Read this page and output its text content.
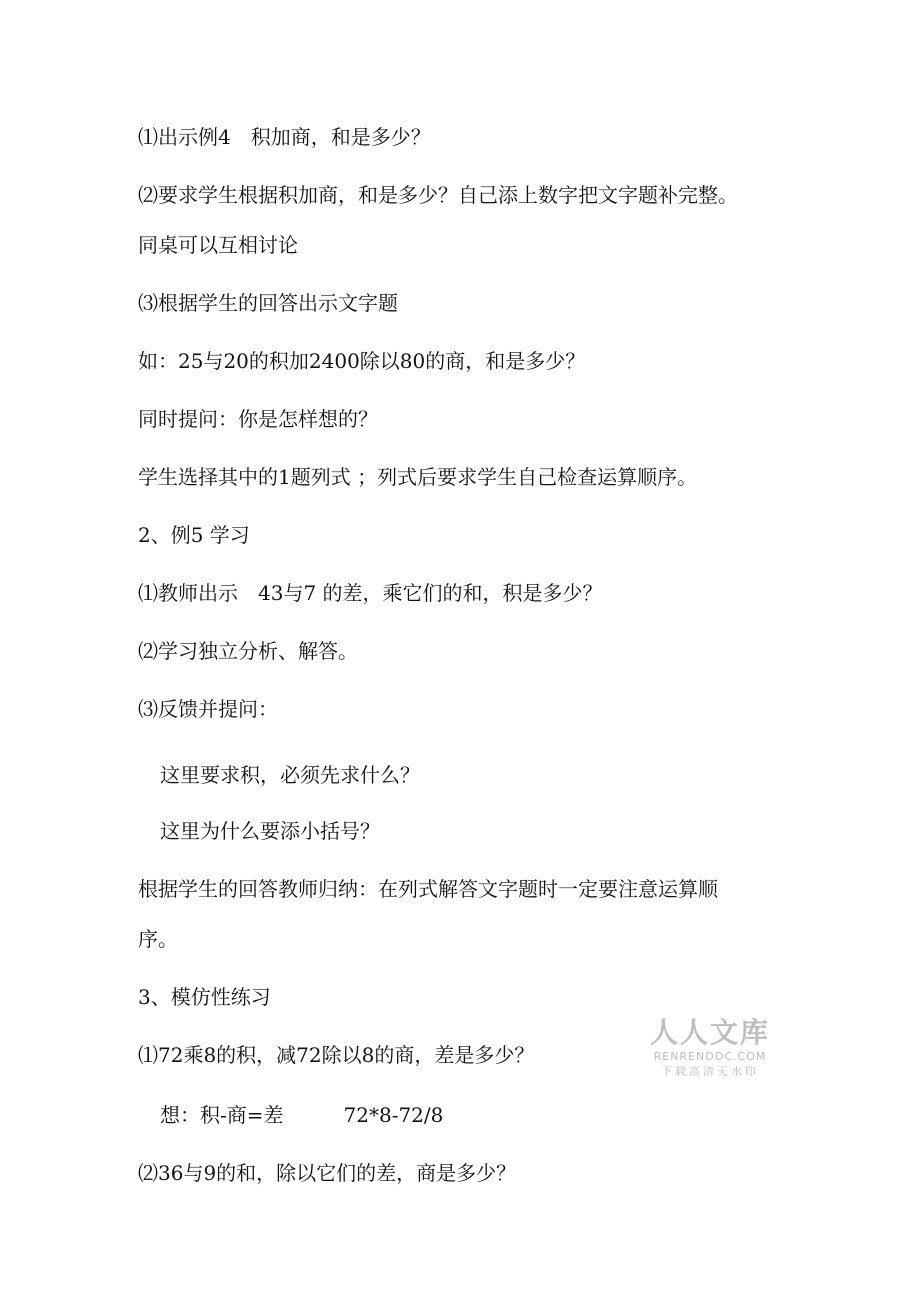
⑴出示例4　积加商，和是多少？
⑵要求学生根据积加商，和是多少？自己添上数字把文字题补完整。
同桌可以互相讨论
⑶根据学生的回答出示文字题
如：25与20的积加2400除以80的商，和是多少？
同时提问：你是怎样想的？
学生选择其中的1题列式 ；列式后要求学生自己检查运算顺序。
2、例5 学习
⑴教师出示　43与7 的差，乘它们的和，积是多少？
⑵学习独立分析、解答。
⑶反馈并提问：
这里要求积，必须先求什么？
这里为什么要添小括号？
根据学生的回答教师归纳：在列式解答文字题时一定要注意运算顺
序。
3、模仿性练习
⑴72乘8的积，减72除以8的商，差是多少？
想：积-商=差　　　72*8-72/8
⑵36与9的和，除以它们的差，商是多少？
人人文库
RENRENDOC.COM
下载高清无水印
